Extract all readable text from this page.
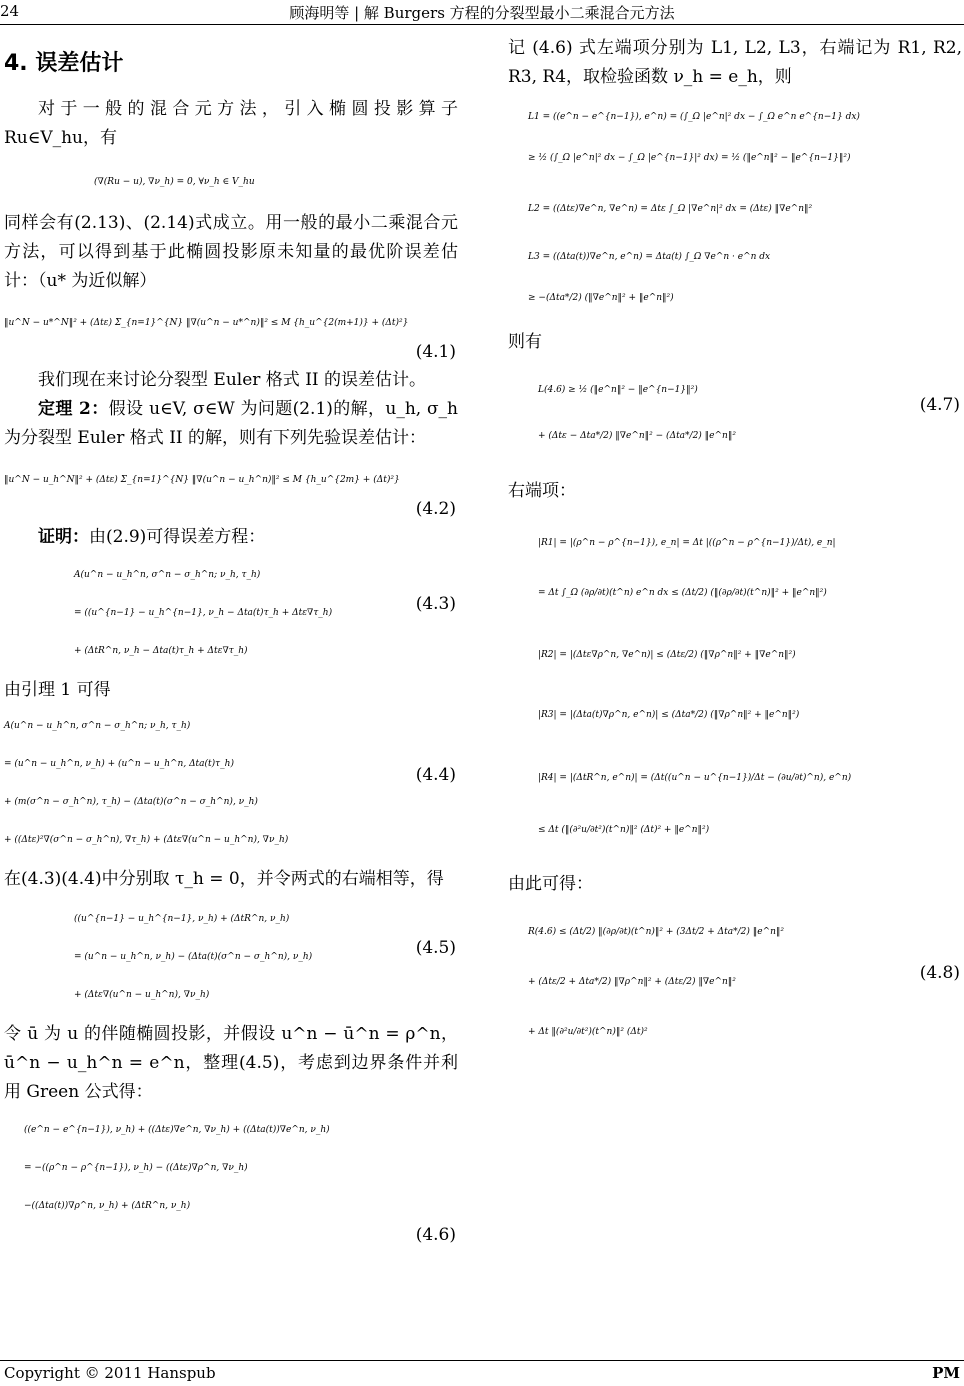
24	顾海明等 | 解 Burgers 方程的分裂型最小二乘混合元方法
4. 误差估计

对于一般的混合元方法，引入椭圆投影算子 Ru∈V_hu，有

(∇(Ru − u), ∇ν_h) = 0, ∀ν_h ∈ V_hu

同样会有(2.13)、(2.14)式成立。用一般的最小二乘混合元方法，可以得到基于此椭圆投影原未知量的最优阶误差估计：（u* 为近似解）

‖u^N − u*^N‖² + (Δtε) Σ_{n=1}^{N} ‖∇(u^n − u*^n)‖² ≤ M {h_u^{2(m+1)} + (Δt)²}
(4.1)

我们现在来讨论分裂型 Euler 格式 II 的误差估计。

定理 2：假设 u∈V, σ∈W 为问题(2.1)的解，u_h, σ_h 为分裂型 Euler 格式 II 的解，则有下列先验误差估计：

‖u^N − u_h^N‖² + (Δtε) Σ_{n=1}^{N} ‖∇(u^n − u_h^n)‖² ≤ M {h_u^{2m} + (Δt)²}
(4.2)

证明：由(2.9)可得误差方程：

A(u^n − u_h^n, σ^n − σ_h^n; ν_h, τ_h)
= ((u^{n−1} − u_h^{n−1}, ν_h − Δta(t)τ_h + Δtε∇τ_h)
+ (ΔtR^n, ν_h − Δta(t)τ_h + Δtε∇τ_h)
(4.3)

由引理 1 可得

A(u^n − u_h^n, σ^n − σ_h^n; ν_h, τ_h)
= (u^n − u_h^n, ν_h) + (u^n − u_h^n, Δta(t)τ_h)
+ (m(σ^n − σ_h^n), τ_h) − (Δta(t)(σ^n − σ_h^n), ν_h)
+ ((Δtε)²∇(σ^n − σ_h^n), ∇τ_h) + (Δtε∇(u^n − u_h^n), ∇ν_h)
(4.4)

在(4.3)(4.4)中分别取 τ_h = 0，并令两式的右端相等，得

((u^{n−1} − u_h^{n−1}, ν_h) + (ΔtR^n, ν_h)
= (u^n − u_h^n, ν_h) − (Δta(t)(σ^n − σ_h^n), ν_h)
+ (Δtε∇(u^n − u_h^n), ∇ν_h)
(4.5)

令 ū 为 u 的伴随椭圆投影，并假设 u^n − ū^n = ρ^n，ū^n − u_h^n = e^n，整理(4.5)，考虑到边界条件并利用 Green 公式得：

((e^n − e^{n−1}), ν_h) + ((Δtε)∇e^n, ∇ν_h) + ((Δta(t))∇e^n, ν_h)
= −((ρ^n − ρ^{n−1}), ν_h) − ((Δtε)∇ρ^n, ∇ν_h)
−((Δta(t))∇ρ^n, ν_h) + (ΔtR^n, ν_h)
(4.6)

记 (4.6) 式左端项分别为 L1, L2, L3，右端记为 R1, R2, R3, R4，取检验函数 ν_h = e_h，则

L1 = ((e^n − e^{n−1}), e^n) = (∫_Ω |e^n|² dx − ∫_Ω e^n e^{n−1} dx)
≥ ½ (∫_Ω |e^n|² dx − ∫_Ω |e^{n−1}|² dx) = ½ (‖e^n‖² − ‖e^{n−1}‖²)
L2 = ((Δtε)∇e^n, ∇e^n) = Δtε ∫_Ω |∇e^n|² dx = (Δtε) ‖∇e^n‖²
L3 = ((Δta(t))∇e^n, e^n) = Δta(t) ∫_Ω ∇e^n · e^n dx
≥ −(Δta*/2) (‖∇e^n‖² + ‖e^n‖²)

则有

L(4.6) ≥ ½ (‖e^n‖² − ‖e^{n−1}‖²)
+ (Δtε − Δta*/2) ‖∇e^n‖² − (Δta*/2) ‖e^n‖²
(4.7)

右端项：

|R1| = |(ρ^n − ρ^{n−1}), e_n| = Δt |((ρ^n − ρ^{n−1})/Δt), e_n|
= Δt ∫_Ω (∂ρ/∂t)(t^n) e^n dx ≤ (Δt/2) (‖(∂ρ/∂t)(t^n)‖² + ‖e^n‖²)
|R2| = |(Δtε∇ρ^n, ∇e^n)| ≤ (Δtε/2) (‖∇ρ^n‖² + ‖∇e^n‖²)
|R3| = |(Δta(t)∇ρ^n, e^n)| ≤ (Δta*/2) (‖∇ρ^n‖² + ‖e^n‖²)
|R4| = |(ΔtR^n, e^n)| = (Δt((u^n − u^{n−1})/Δt − (∂u/∂t)^n), e^n)
≤ Δt (‖(∂²u/∂t²)(t^n)‖² (Δt)² + ‖e^n‖²)

由此可得：

R(4.6) ≤ (Δt/2) ‖(∂ρ/∂t)(t^n)‖² + (3Δt/2 + Δta*/2) ‖e^n‖²
+ (Δtε/2 + Δta*/2) ‖∇ρ^n‖² + (Δtε/2) ‖∇e^n‖²
+ Δt ‖(∂²u/∂t²)(t^n)‖² (Δt)²
(4.8)
Copyright © 2011 Hanspub	PM
